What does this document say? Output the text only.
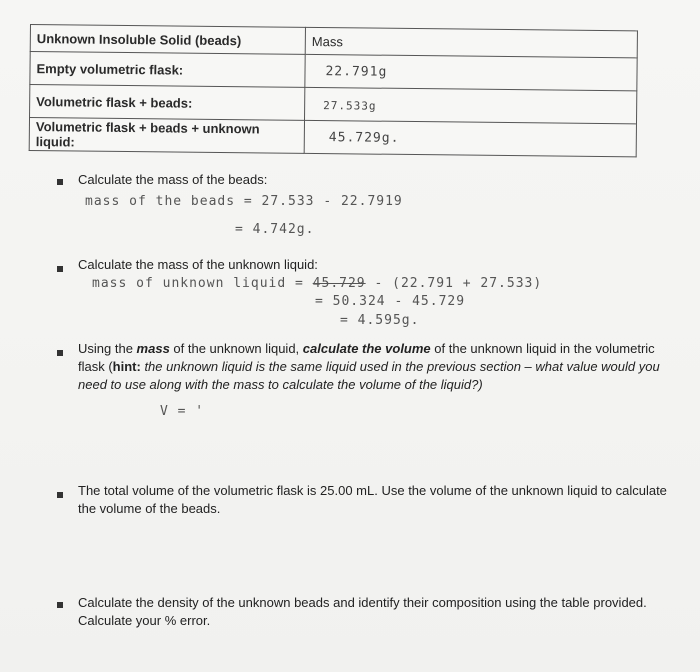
Unknown Insoluble Solid (beads)	Mass
Empty volumetric flask:	22.791g
Volumetric flask + beads:	27.533g
Volumetric flask + beads + unknown liquid:	45.729g.
Calculate the mass of the beads:
mass of the beads = 27.533 - 22.7919
= 4.742g.
Calculate the mass of the unknown liquid:
mass of unknown liquid = 45.729 - (22.791 + 27.533)
= 50.324 - 45.729
= 4.595g.
Using the mass of the unknown liquid, calculate the volume of the unknown liquid in the volumetric flask (hint: the unknown liquid is the same liquid used in the previous section – what value would you need to use along with the mass to calculate the volume of the liquid?)
V = '
The total volume of the volumetric flask is 25.00 mL. Use the volume of the unknown liquid to calculate the volume of the beads.
Calculate the density of the unknown beads and identify their composition using the table provided. Calculate your % error.
